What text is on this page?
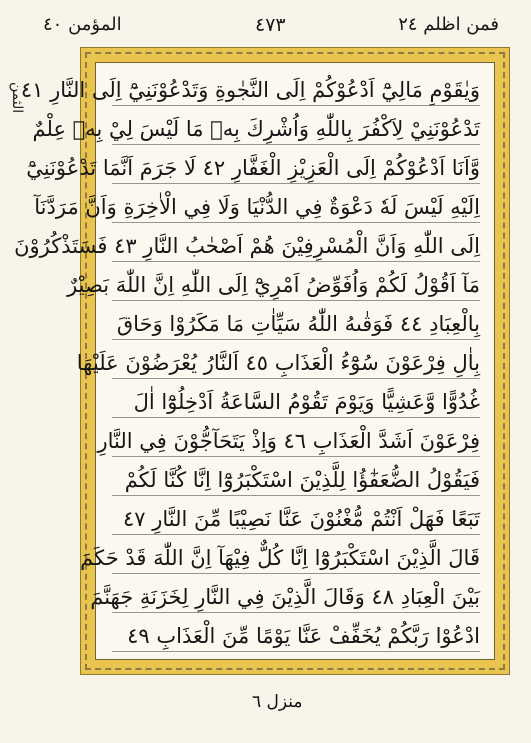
المؤمن ٤٠	٤٧٣	فمن اظلم ٢٤
الثمن
وَيٰقَوْمِ مَالِيْٓ اَدْعُوْكُمْ اِلَى النَّجٰوةِ وَتَدْعُوْنَنِيْٓ اِلَى النَّارِ ٤١
تَدْعُوْنَنِيْ لِاَكْفُرَ بِاللّٰهِ وَاُشْرِكَ بِهٖ مَا لَيْسَ لِيْ بِهٖ عِلْمٌ
وَّاَنَا اَدْعُوْكُمْ اِلَى الْعَزِيْزِ الْغَفَّارِ ٤٢ لَا جَرَمَ اَنَّمَا تَدْعُوْنَنِيْٓ
اِلَيْهِ لَيْسَ لَهٗ دَعْوَةٌ فِي الدُّنْيَا وَلَا فِي الْاٰخِرَةِ وَاَنَّ مَرَدَّنَآ
اِلَى اللّٰهِ وَاَنَّ الْمُسْرِفِيْنَ هُمْ اَصْحٰبُ النَّارِ ٤٣ فَسَتَذْكُرُوْنَ
مَآ اَقُوْلُ لَكُمْ وَاُفَوِّضُ اَمْرِيْٓ اِلَى اللّٰهِ اِنَّ اللّٰهَ بَصِيْرٌ
بِالْعِبَادِ ٤٤ فَوَقٰىهُ اللّٰهُ سَيِّاٰتِ مَا مَكَرُوْا وَحَاقَ
بِاٰلِ فِرْعَوْنَ سُوْٓءُ الْعَذَابِ ٤٥ اَلنَّارُ يُعْرَضُوْنَ عَلَيْهَا
غُدُوًّا وَّعَشِيًّا وَيَوْمَ تَقُوْمُ السَّاعَةُ اَدْخِلُوْٓا اٰلَ
فِرْعَوْنَ اَشَدَّ الْعَذَابِ ٤٦ وَاِذْ يَتَحَآجُّوْنَ فِي النَّارِ
فَيَقُوْلُ الضُّعَفٰٓؤُا لِلَّذِيْنَ اسْتَكْبَرُوْٓا اِنَّا كُنَّا لَكُمْ
تَبَعًا فَهَلْ اَنْتُمْ مُّغْنُوْنَ عَنَّا نَصِيْبًا مِّنَ النَّارِ ٤٧
قَالَ الَّذِيْنَ اسْتَكْبَرُوْٓا اِنَّا كُلٌّ فِيْهَآ اِنَّ اللّٰهَ قَدْ حَكَمَ
بَيْنَ الْعِبَادِ ٤٨ وَقَالَ الَّذِيْنَ فِي النَّارِ لِخَزَنَةِ جَهَنَّمَ
ادْعُوْا رَبَّكُمْ يُخَفِّفْ عَنَّا يَوْمًا مِّنَ الْعَذَابِ ٤٩
منزل ٦
